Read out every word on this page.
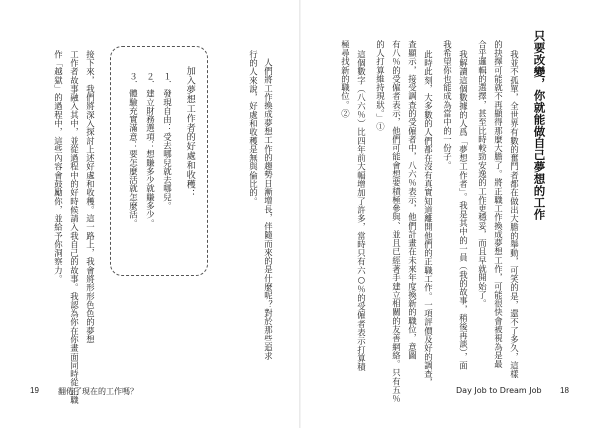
人們將工作換成夢想工作的趨勢日漸增長，伴隨而來的是什麼呢？對於那些追求
行的人來說，好處和收穫是無與倫比的。
加入夢想工作者的好處和收穫：
１．發現自由：受去哪兒就去哪兒。
２．建立財務選項：想賺多少就賺多少。
３．體驗充實滿意：要怎麼活就怎麼活。
接下來，我們將深入探討上述好處和收穫。這一路上，我會將形形色色的夢想
工作者故事融入其中，並從過程中的好時候請入我自己的故事。我認為你在你畫面同時從正職
作「越獄」的過程中，這些內容會鼓勵你，並給予你洞察力。
19 翻倦了現在的工作嗎？
只要改變，你就能做自己夢想的工作
我並不孤單，全世界有數的奮鬥者都在做出大膽的舉動，可笑的是，還不了多久，這樣
的抉擇可能就不再顯得那麼大膽了。將正職工作換成夢想工作，可能很快會被視為是最
合乎邏輯的選擇，甚至比時較勁安逸的工作更穩妥，而且早就開始了。
我解讀這個數據的人爲「夢想工作者」。我是其中的一員（我的故事，稍後再談），面
我希望你也能成為當中的一份子。
此時此刻，大多數的人們都在沒有真實知道離開他們的正職工作。一項評價及好的調查，
查顯示，接受調查的受僱者中，八六％表示，他們計畫在未來年度換新的職位，意圖
有八％的受僱者表示，他們可能會想要積極參與、並且已經著手建立相關的友善網絡。只有五％
的人打算維持現狀。」①
這個數字（八六％）比四年前大幅增加了許多，當時只有六○％的受僱者表示打算積
極尋找新的職位。②
Day Job to Dream Job 18
